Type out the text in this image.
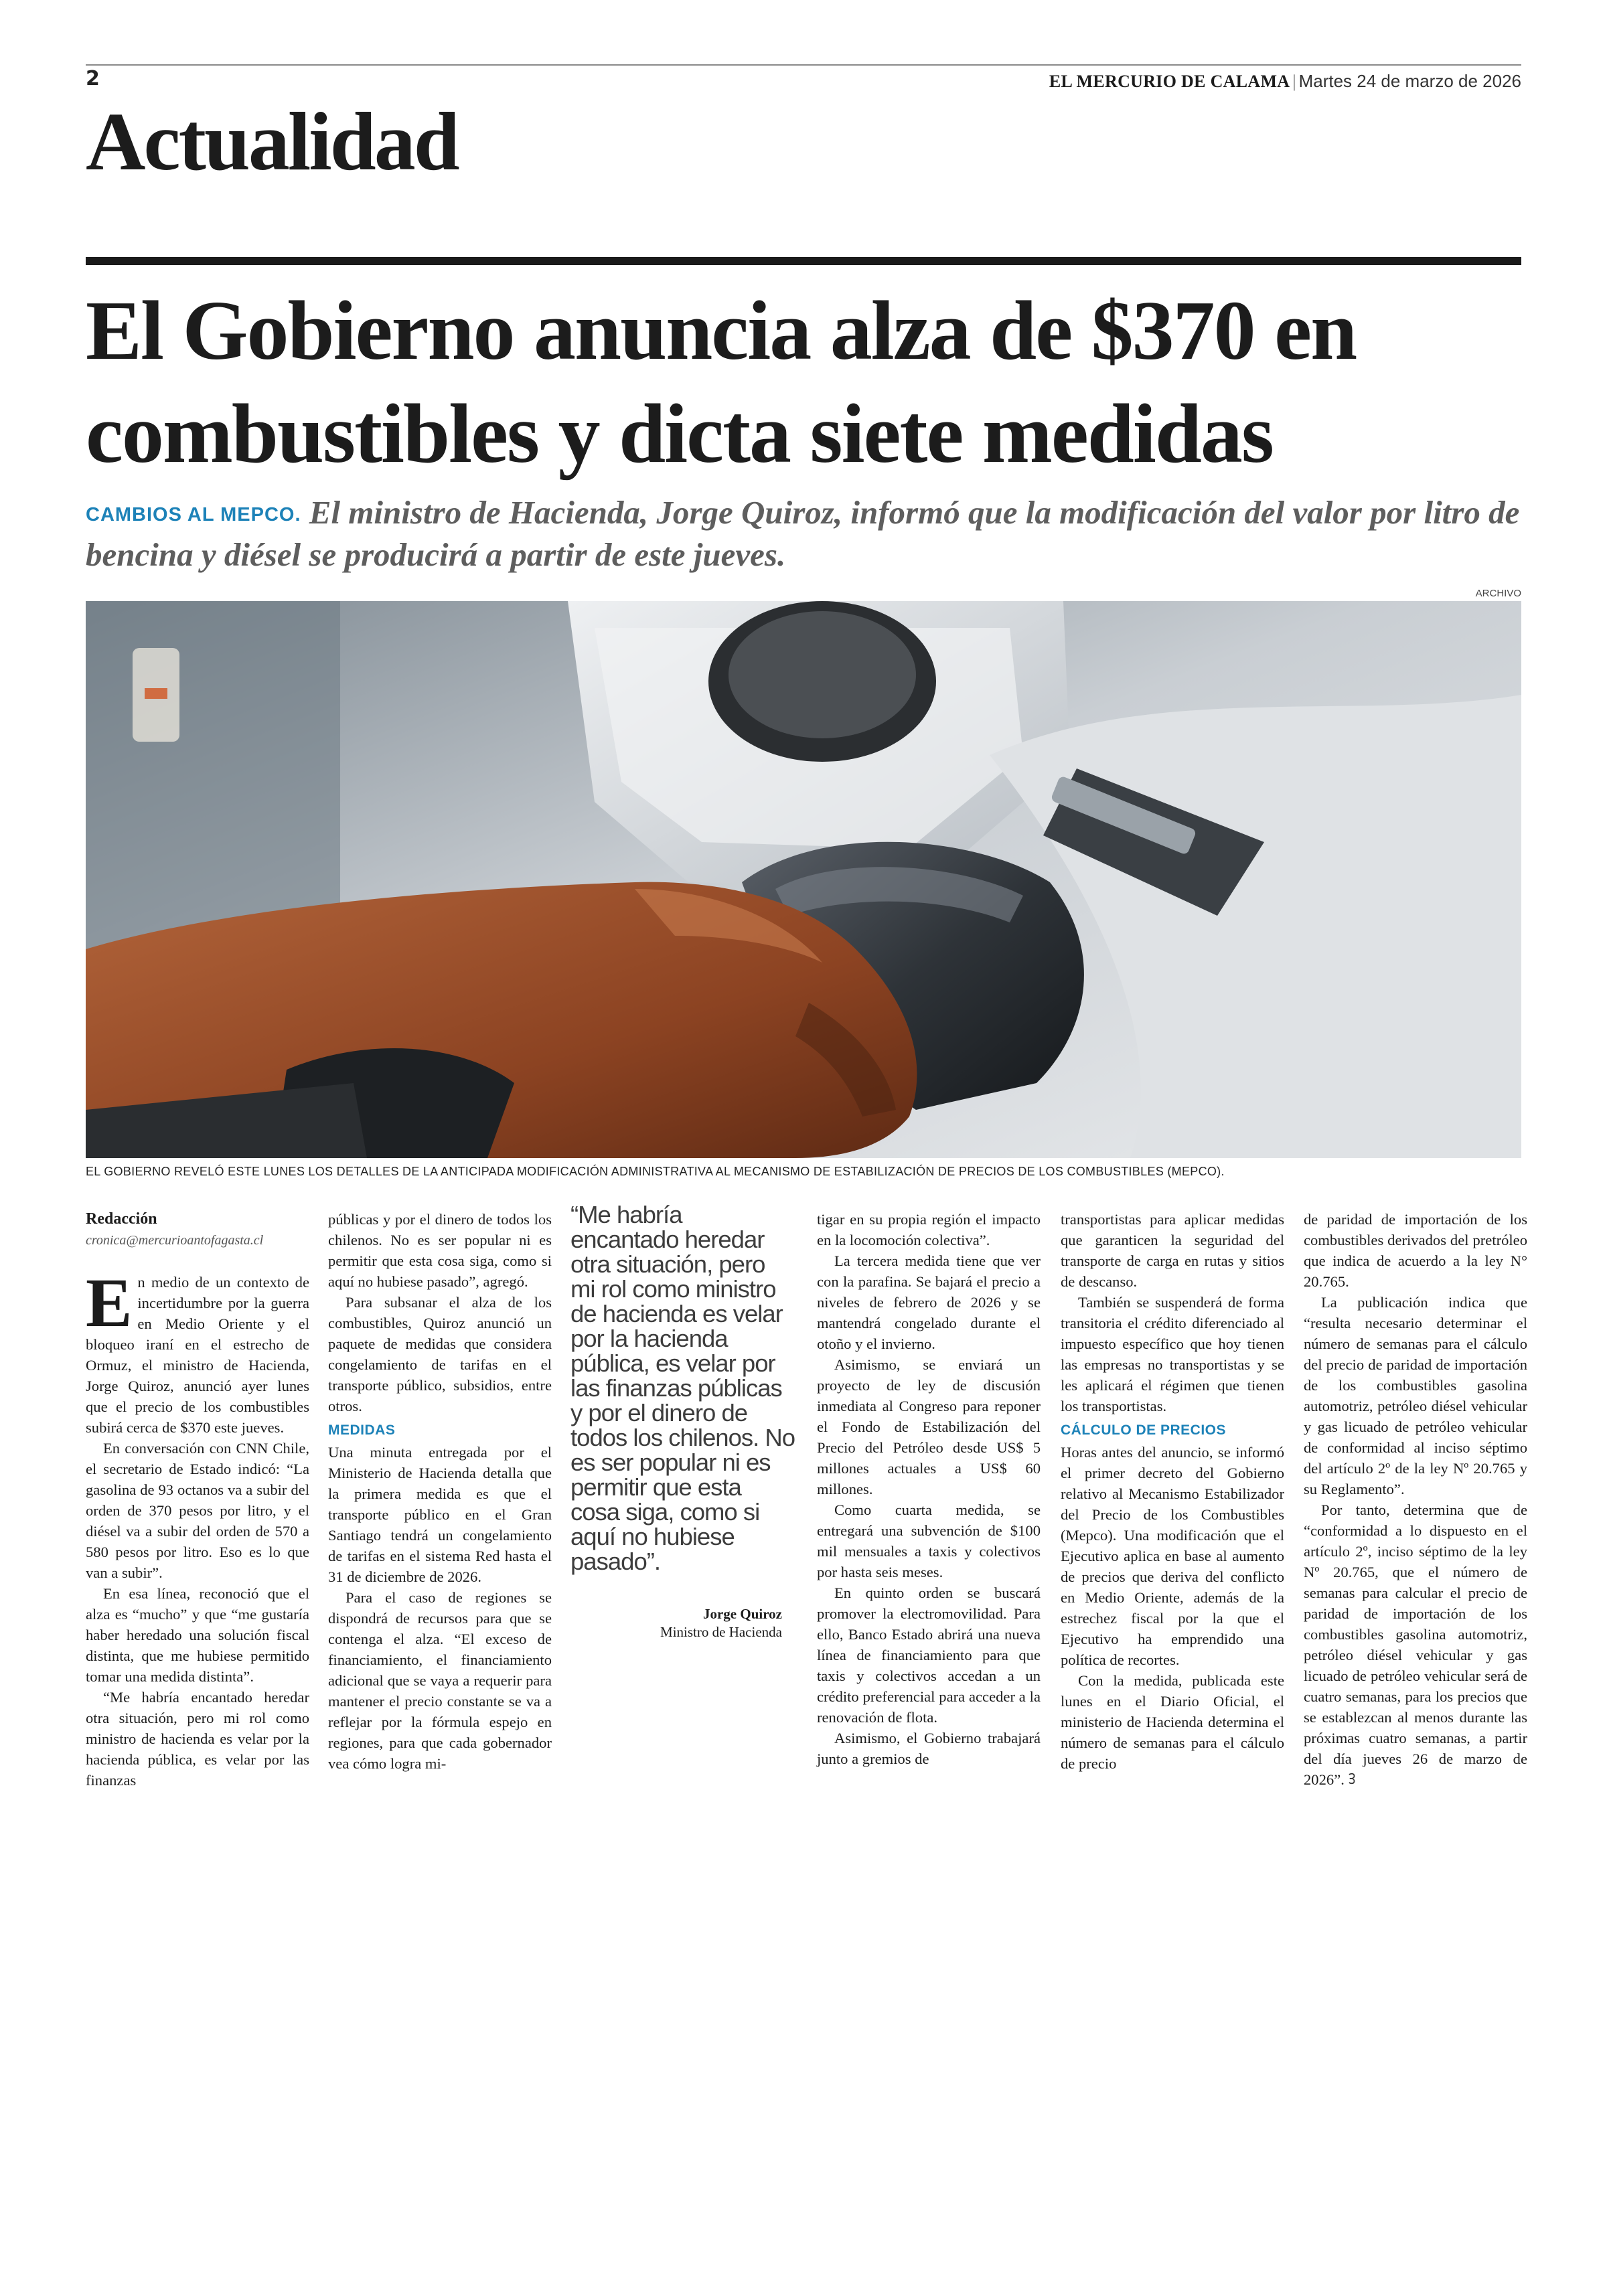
2	EL MERCURIO DE CALAMA | Martes 24 de marzo de 2026
Actualidad
El Gobierno anuncia alza de $370 en combustibles y dicta siete medidas

CAMBIOS AL MEPCO. El ministro de Hacienda, Jorge Quiroz, informó que la modificación del valor por litro de bencina y diésel se producirá a partir de este jueves.

ARCHIVO
EL GOBIERNO REVELÓ ESTE LUNES LOS DETALLES DE LA ANTICIPADA MODIFICACIÓN ADMINISTRATIVA AL MECANISMO DE ESTABILIZACIÓN DE PRECIOS DE LOS COMBUSTIBLES (MEPCO).
Redacción
cronica@mercurioantofagasta.cl

En medio de un contexto de incertidumbre por la guerra en Medio Oriente y el bloqueo iraní en el estrecho de Ormuz, el ministro de Hacienda, Jorge Quiroz, anunció ayer lunes que el precio de los combustibles subirá cerca de $370 este jueves.

En conversación con CNN Chile, el secretario de Estado indicó: “La gasolina de 93 octanos va a subir del orden de 370 pesos por litro, y el diésel va a subir del orden de 570 a 580 pesos por litro. Eso es lo que van a subir”.

En esa línea, reconoció que el alza es “mucho” y que “me gustaría haber heredado una solución fiscal distinta, que me hubiese permitido tomar una medida distinta”.

“Me habría encantado heredar otra situación, pero mi rol como ministro de hacienda es velar por la hacienda pública, es velar por las finanzas

públicas y por el dinero de todos los chilenos. No es ser popular ni es permitir que esta cosa siga, como si aquí no hubiese pasado”, agregó.

Para subsanar el alza de los combustibles, Quiroz anunció un paquete de medidas que considera congelamiento de tarifas en el transporte público, subsidios, entre otros.

MEDIDAS

Una minuta entregada por el Ministerio de Hacienda detalla que la primera medida es que el transporte público en el Gran Santiago tendrá un congelamiento de tarifas en el sistema Red hasta el 31 de diciembre de 2026.

Para el caso de regiones se dispondrá de recursos para que se contenga el alza. “El exceso de financiamiento, el financiamiento adicional que se vaya a requerir para mantener el precio constante se va a reflejar por la fórmula espejo en regiones, para que cada gobernador vea cómo logra mi-

“Me habría encantado heredar otra situación, pero mi rol como ministro de hacienda es velar por la hacienda pública, es velar por las finanzas públicas y por el dinero de todos los chilenos. No es ser popular ni es permitir que esta cosa siga, como si aquí no hubiese pasado”.
Jorge Quiroz
Ministro de Hacienda

tigar en su propia región el impacto en la locomoción colectiva”.

La tercera medida tiene que ver con la parafina. Se bajará el precio a niveles de febrero de 2026 y se mantendrá congelado durante el otoño y el invierno.

Asimismo, se enviará un proyecto de ley de discusión inmediata al Congreso para reponer el Fondo de Estabilización del Precio del Petróleo desde US$ 5 millones actuales a US$ 60 millones.

Como cuarta medida, se entregará una subvención de $100 mil mensuales a taxis y colectivos por hasta seis meses.

En quinto orden se buscará promover la electromovilidad. Para ello, Banco Estado abrirá una nueva línea de financiamiento para que taxis y colectivos accedan a un crédito preferencial para acceder a la renovación de flota.

Asimismo, el Gobierno trabajará junto a gremios de

transportistas para aplicar medidas que garanticen la seguridad del transporte de carga en rutas y sitios de descanso.

También se suspenderá de forma transitoria el crédito diferenciado al impuesto específico que hoy tienen las empresas no transportistas y se les aplicará el régimen que tienen los transportistas.

CÁLCULO DE PRECIOS

Horas antes del anuncio, se informó el primer decreto del Gobierno relativo al Mecanismo Estabilizador del Precio de los Combustibles (Mepco). Una modificación que el Ejecutivo aplica en base al aumento de precios que deriva del conflicto en Medio Oriente, además de la estrechez fiscal por la que el Ejecutivo ha emprendido una política de recortes.

Con la medida, publicada este lunes en el Diario Oficial, el ministerio de Hacienda determina el número de semanas para el cálculo de precio

de paridad de importación de los combustibles derivados del pretróleo que indica de acuerdo a la ley N° 20.765.

La publicación indica que “resulta necesario determinar el número de semanas para el cálculo del precio de paridad de importación de los combustibles gasolina automotriz, petróleo diésel vehicular y gas licuado de petróleo vehicular de conformidad al inciso séptimo del artículo 2º de la ley Nº 20.765 y su Reglamento”.

Por tanto, determina que de “conformidad a lo dispuesto en el artículo 2º, inciso séptimo de la ley Nº 20.765, que el número de semanas para calcular el precio de paridad de importación de los combustibles gasolina automotriz, petróleo diésel vehicular y gas licuado de petróleo vehicular será de cuatro semanas, para los precios que se establezcan al menos durante las próximas cuatro semanas, a partir del día jueves 26 de marzo de 2026”. ᢃ
